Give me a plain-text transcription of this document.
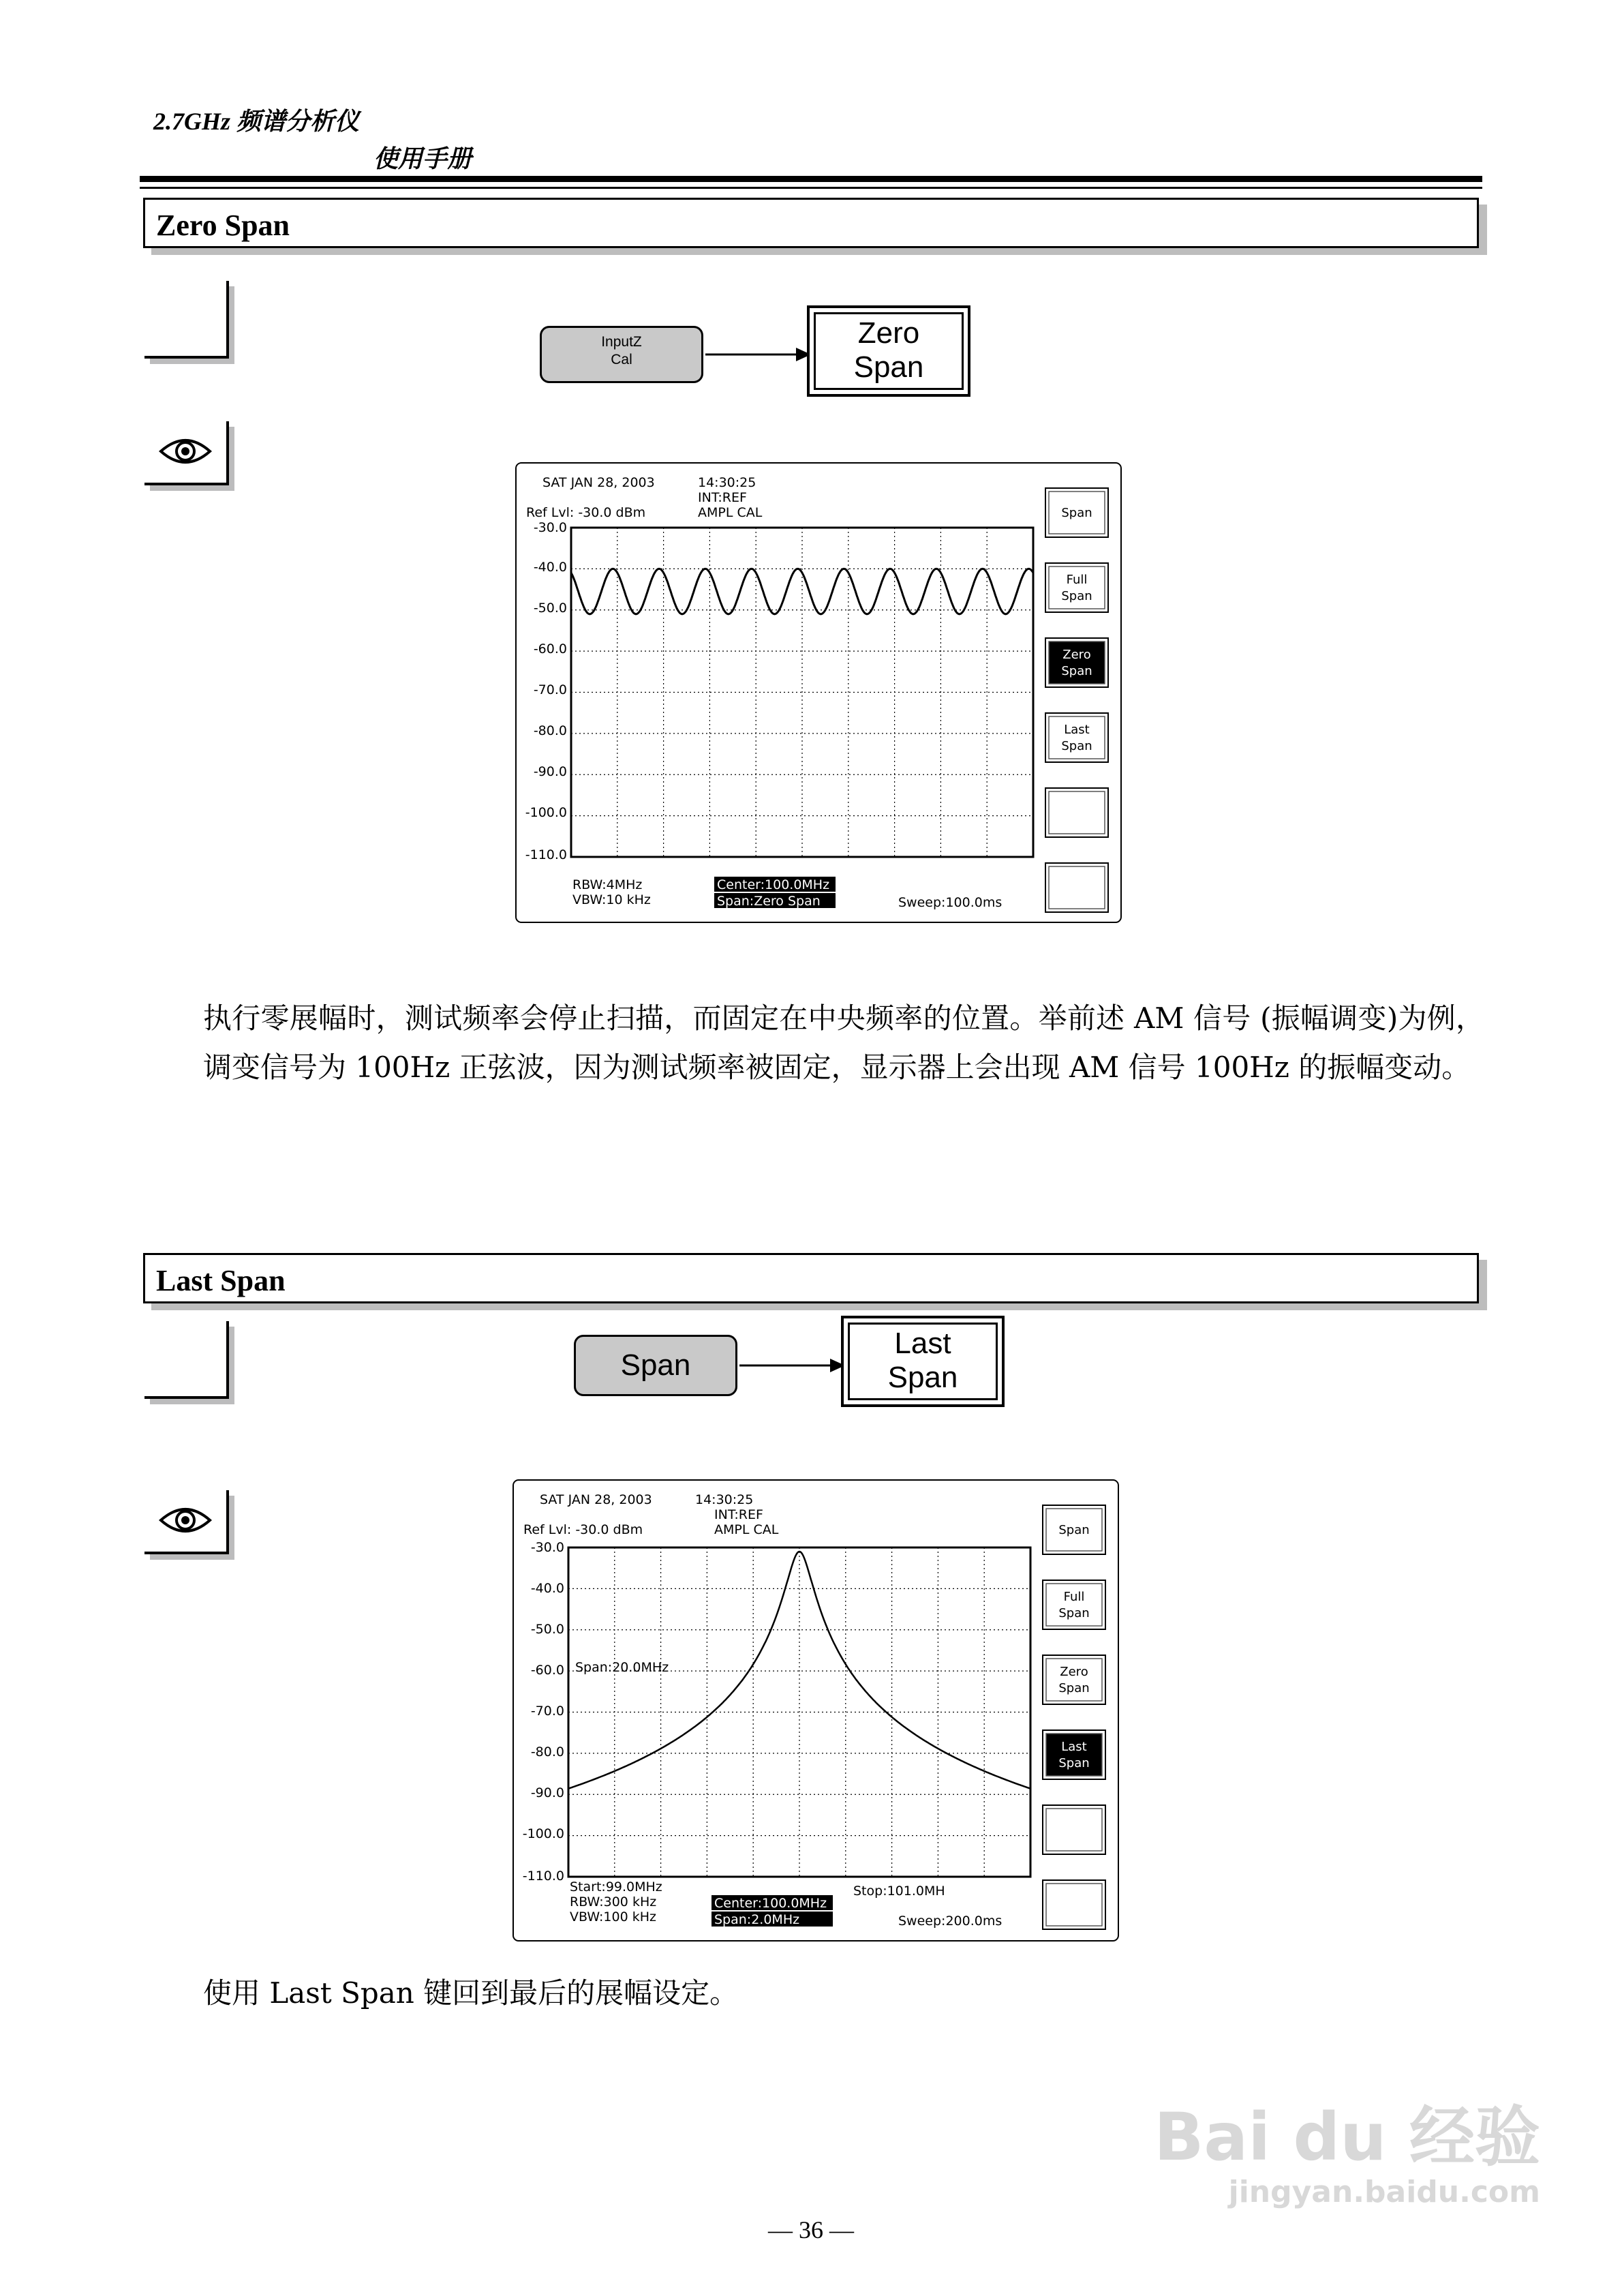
2.7GHz 频谱分析仪
使用手册
Zero Span
InputZ
Cal
Zero
Span
SAT JAN 28, 2003	14:30:25
INT:REF
AMPL CAL
Ref Lvl: -30.0 dBm
-30.0
-40.0
-50.0
-60.0
-70.0
-80.0
-90.0
-100.0
-110.0
RBW:4MHz
VBW:10 kHz
Center:100.0MHz
Span:Zero Span	Sweep:100.0ms
Span
Full
Span
Zero
Span
Last
Span
执行零展幅时，测试频率会停止扫描，而固定在中央频率的位置。举前述 AM 信号 (振幅调变)为例，调变信号为 100Hz 正弦波，因为测试频率被固定，显示器上会出现 AM 信号 100Hz 的振幅变动。
Last Span
Span
Last
Span
SAT JAN 28, 2003	14:30:25
INT:REF
AMPL CAL
Ref Lvl: -30.0 dBm
-30.0
-40.0
-50.0
-60.0
-70.0
-80.0
-90.0
-100.0
-110.0
Span:20.0MHz
Start:99.0MHz	Stop:101.0MH
RBW:300 kHz
VBW:100 kHz
Center:100.0MHz
Span:2.0MHz	Sweep:200.0ms
Span
Full
Span
Zero
Span
Last
Span
使用 Last Span 键回到最后的展幅设定。
— 36 —
Bai du 经验
jingyan.baidu.com
